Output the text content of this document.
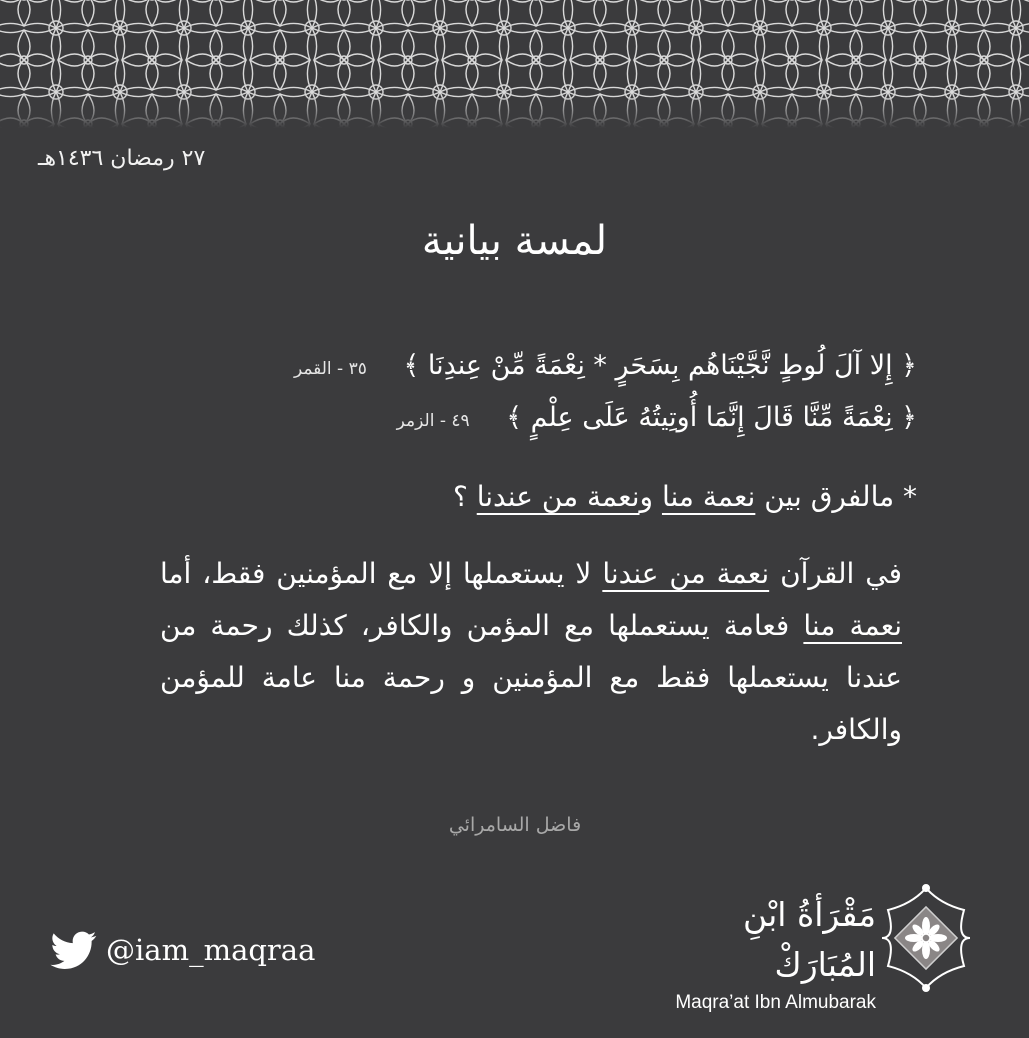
٢٧ رمضان ١٤٣٦هـ
لمسة بيانية
﴿ إِلا آلَ لُوطٍ نَّجَّيْنَاهُم بِسَحَرٍ * نِعْمَةً مِّنْ عِندِنَا ﴾ ٣٥ - القمر
﴿ نِعْمَةً مِّنَّا قَالَ إِنَّمَا أُوتِيتُهُ عَلَى عِلْمٍ ﴾ ٤٩ - الزمر
* مالفرق بين نعمة منا ونعمة من عندنا ؟
في القرآن نعمة من عندنا لا يستعملها إلا مع المؤمنين فقط، أما نعمة منا فعامة يستعملها مع المؤمن والكافر، كذلك رحمة من عندنا يستعملها فقط مع المؤمنين و رحمة منا عامة للمؤمن والكافر.
فاضل السامرائي
@iam_maqraa
مَقْرَأةُ ابْنِ المُبَارَكْ
Maqra’at Ibn Almubarak
